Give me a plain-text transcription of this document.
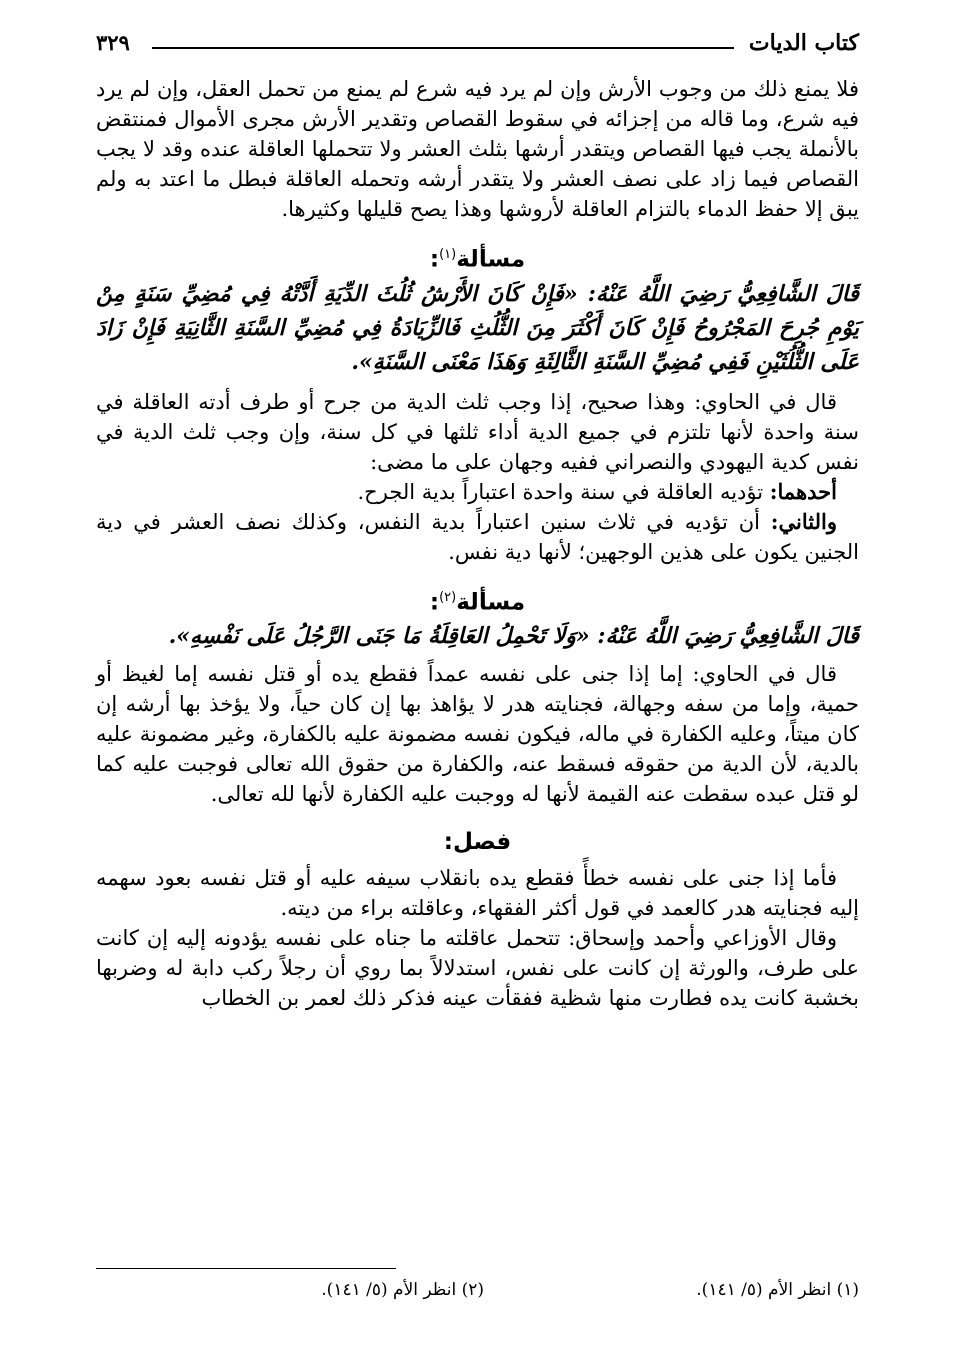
كتاب الديات
٣٢٩

فلا يمنع ذلك من وجوب الأرش وإن لم يرد فيه شرع لم يمنع من تحمل العقل، وإن لم يرد فيه شرع، وما قاله من إجزائه في سقوط القصاص وتقدير الأرش مجرى الأموال فمنتقض بالأنملة يجب فيها القصاص ويتقدر أرشها بثلث العشر ولا تتحملها العاقلة عنده وقد لا يجب القصاص فيما زاد على نصف العشر ولا يتقدر أرشه وتحمله العاقلة فبطل ما اعتد به ولم يبق إلا حفظ الدماء بالتزام العاقلة لأروشها وهذا يصح قليلها وكثيرها.

مسألة$^{(١)}$:

قَالَ الشَّافِعِيُّ رَضِيَ اللَّهُ عَنْهُ: «فَإِنْ كَانَ الأَرْشُ ثُلُثَ الدِّيَةِ أَدَّتْهُ فِي مُضِيِّ سَنَةٍ مِنْ يَوْمِ جُرِحَ المَجْرُوحُ فَإِنْ كَانَ أَكْثَرَ مِنَ الثُّلُثِ فَالزِّيَادَةُ فِي مُضِيِّ السَّنَةِ الثَّانِيَةِ فَإِنْ زَادَ عَلَى الثُّلُثَيْنِ فَفِي مُضِيِّ السَّنَةِ الثَّالِثَةِ وَهَذَا مَعْنَى السَّنَةِ».

قال في الحاوي: وهذا صحيح، إذا وجب ثلث الدية من جرح أو طرف أدته العاقلة في سنة واحدة لأنها تلتزم في جميع الدية أداء ثلثها في كل سنة، وإن وجب ثلث الدية في نفس كدية اليهودي والنصراني ففيه وجهان على ما مضى:

أحدهما: تؤديه العاقلة في سنة واحدة اعتباراً بدية الجرح.

والثاني: أن تؤديه في ثلاث سنين اعتباراً بدية النفس، وكذلك نصف العشر في دية الجنين يكون على هذين الوجهين؛ لأنها دية نفس.

مسألة$^{(٢)}$:

قَالَ الشَّافِعِيُّ رَضِيَ اللَّهُ عَنْهُ: «وَلَا تَحْمِلُ العَاقِلَةُ مَا جَنَى الرَّجُلُ عَلَى نَفْسِهِ».

قال في الحاوي: إما إذا جنى على نفسه عمداً فقطع يده أو قتل نفسه إما لغيظ أو حمية، وإما من سفه وجهالة، فجنايته هدر لا يؤاهذ بها إن كان حياً، ولا يؤخذ بها أرشه إن كان ميتاً، وعليه الكفارة في ماله، فيكون نفسه مضمونة عليه بالكفارة، وغير مضمونة عليه بالدية، لأن الدية من حقوقه فسقط عنه، والكفارة من حقوق الله تعالى فوجبت عليه كما لو قتل عبده سقطت عنه القيمة لأنها له ووجبت عليه الكفارة لأنها لله تعالى.

فصل:

فأما إذا جنى على نفسه خطأً فقطع يده بانقلاب سيفه عليه أو قتل نفسه بعود سهمه إليه فجنايته هدر كالعمد في قول أكثر الفقهاء، وعاقلته براء من ديته.

وقال الأوزاعي وأحمد وإسحاق: تتحمل عاقلته ما جناه على نفسه يؤدونه إليه إن كانت على طرف، والورثة إن كانت على نفس، استدلالاً بما روي أن رجلاً ركب دابة له وضربها بخشبة كانت يده فطارت منها شظية ففقأت عينه فذكر ذلك لعمر بن الخطاب

(١) انظر الأم (٥/ ١٤١).
(٢) انظر الأم (٥/ ١٤١).
